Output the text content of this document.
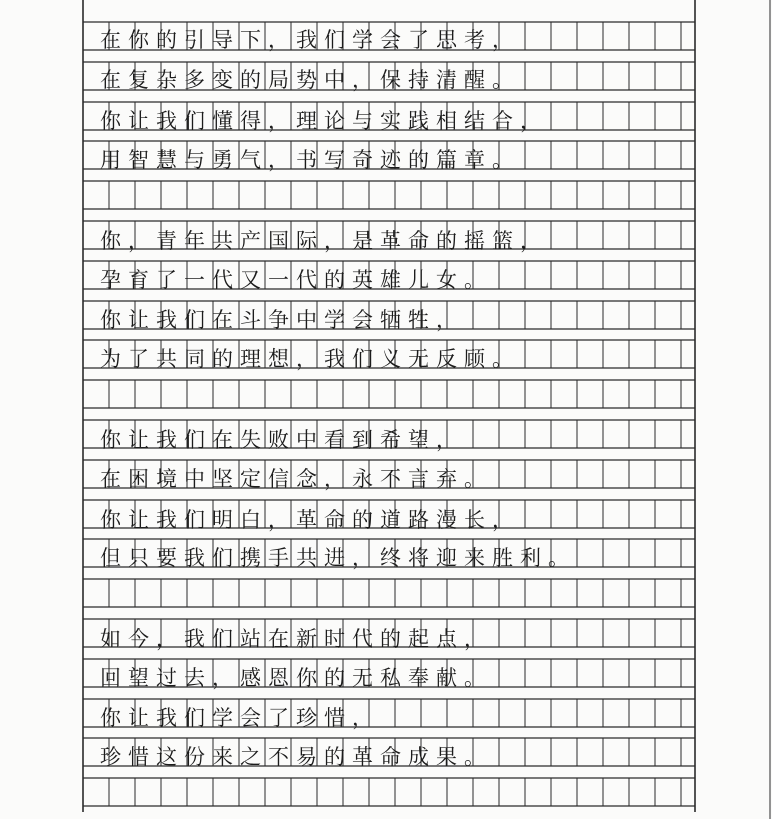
在你的引导下，我们学会了思考，
在复杂多变的局势中，保持清醒。
你让我们懂得，理论与实践相结合，
用智慧与勇气，书写奇迹的篇章。
你，青年共产国际，是革命的摇篮，
孕育了一代又一代的英雄儿女。
你让我们在斗争中学会牺牲，
为了共同的理想，我们义无反顾。
你让我们在失败中看到希望，
在困境中坚定信念，永不言弃。
你让我们明白，革命的道路漫长，
但只要我们携手共进，终将迎来胜利。
如今，我们站在新时代的起点，
回望过去，感恩你的无私奉献。
你让我们学会了珍惜，
珍惜这份来之不易的革命成果。
